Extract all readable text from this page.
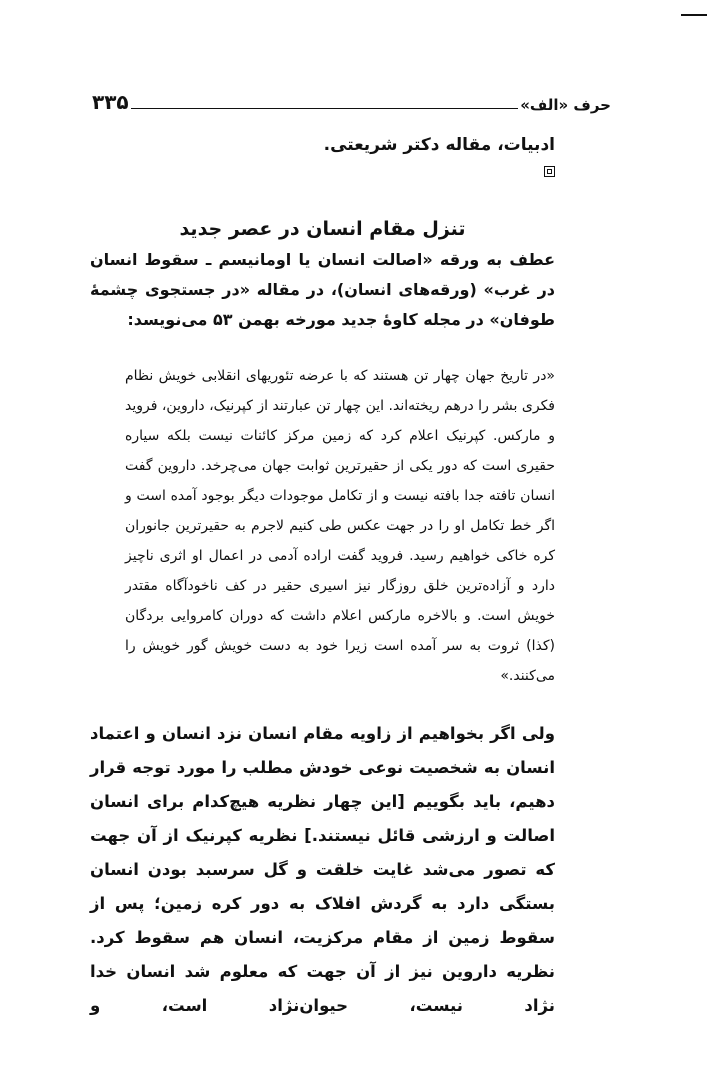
حرف «الف»
۳۳۵

ادبیات، مقاله دکتر شریعتی.

تنزل مقام انسان در عصر جدید

عطف به ورقه «اصالت انسان یا اومانیسم ـ سقوط انسان در غرب» (ورقه‌های انسان)، در مقاله «در جستجوی چشمهٔ طوفان» در مجله کاوهٔ جدید مورخه بهمن ۵۳ می‌نویسد:

«در تاریخ جهان چهار تن هستند که با عرضه تئوریهای انقلابی خویش نظام فکری بشر را درهم ریخته‌اند. این چهار تن عبارتند از کپرنیک، داروین، فروید و مارکس. کپرنیک اعلام کرد که زمین مرکز کائنات نیست بلکه سیاره حقیری است که دور یکی از حقیرترین ثوابت جهان می‌چرخد. داروین گفت انسان تافته جدا بافته نیست و از تکامل موجودات دیگر بوجود آمده است و اگر خط تکامل او را در جهت عکس طی کنیم لاجرم به حقیرترین جانوران کره خاکی خواهیم رسید. فروید گفت اراده آدمی در اعمال او اثری ناچیز دارد و آزاده‌ترین خلق روزگار نیز اسیری حقیر در کف ناخودآگاه مقتدر خویش است. و بالاخره مارکس اعلام داشت که دوران کامروایی بردگان (کذا) ثروت به سر آمده است زیرا خود به دست خویش گور خویش را می‌کنند.»

ولی اگر بخواهیم از زاویه مقام انسان نزد انسان و اعتماد انسان به شخصیت نوعی خودش مطلب را مورد توجه قرار دهیم، باید بگوییم [این چهار نظریه هیچ‌کدام برای انسان اصالت و ارزشی قائل نیستند.] نظریه کپرنیک از آن جهت که تصور می‌شد غایت خلقت و گل سرسبد بودن انسان بستگی دارد به گردش افلاک به دور کره زمین؛ پس از سقوط زمین از مقام مرکزیت، انسان هم سقوط کرد. نظریه داروین نیز از آن جهت که معلوم شد انسان خدا نژاد نیست، حیوان‌نژاد است، و
